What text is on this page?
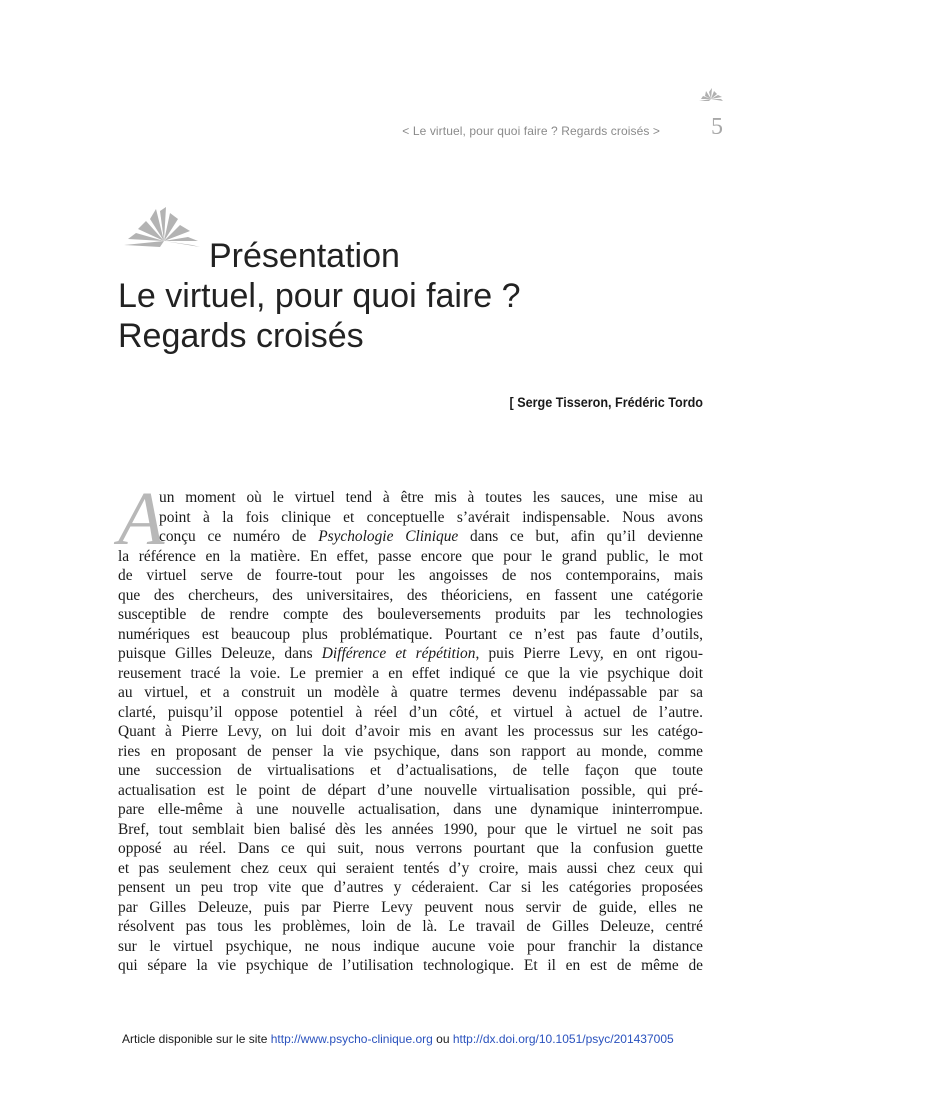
< Le virtuel, pour quoi faire ? Regards croisés > 5
Présentation
Le virtuel, pour quoi faire ?
Regards croisés
[ Serge Tisseron, Frédéric Tordo
A
un moment où le virtuel tend à être mis à toutes les sauces, une mise au
point à la fois clinique et conceptuelle s’avérait indispensable. Nous avons
conçu ce numéro de Psychologie Clinique dans ce but, afin qu’il devienne
la référence en la matière. En effet, passe encore que pour le grand public, le mot
de virtuel serve de fourre-tout pour les angoisses de nos contemporains, mais
que des chercheurs, des universitaires, des théoriciens, en fassent une catégorie
susceptible de rendre compte des bouleversements produits par les technologies
numériques est beaucoup plus problématique. Pourtant ce n’est pas faute d’outils,
puisque Gilles Deleuze, dans Différence et répétition, puis Pierre Levy, en ont rigou-
reusement tracé la voie. Le premier a en effet indiqué ce que la vie psychique doit
au virtuel, et a construit un modèle à quatre termes devenu indépassable par sa
clarté, puisqu’il oppose potentiel à réel d’un côté, et virtuel à actuel de l’autre.
Quant à Pierre Levy, on lui doit d’avoir mis en avant les processus sur les catégo-
ries en proposant de penser la vie psychique, dans son rapport au monde, comme
une succession de virtualisations et d’actualisations, de telle façon que toute
actualisation est le point de départ d’une nouvelle virtualisation possible, qui pré-
pare elle-même à une nouvelle actualisation, dans une dynamique ininterrompue.
Bref, tout semblait bien balisé dès les années 1990, pour que le virtuel ne soit pas
opposé au réel. Dans ce qui suit, nous verrons pourtant que la confusion guette
et pas seulement chez ceux qui seraient tentés d’y croire, mais aussi chez ceux qui
pensent un peu trop vite que d’autres y céderaient. Car si les catégories proposées
par Gilles Deleuze, puis par Pierre Levy peuvent nous servir de guide, elles ne
résolvent pas tous les problèmes, loin de là. Le travail de Gilles Deleuze, centré
sur le virtuel psychique, ne nous indique aucune voie pour franchir la distance
qui sépare la vie psychique de l’utilisation technologique. Et il en est de même de
Article disponible sur le site http://www.psycho-clinique.org ou http://dx.doi.org/10.1051/psyc/201437005
